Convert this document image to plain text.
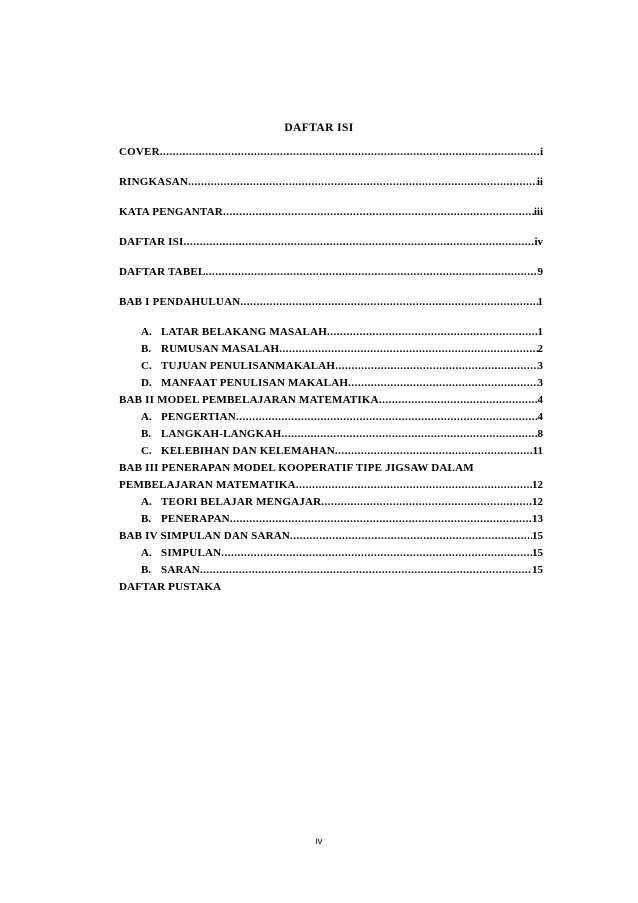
DAFTAR ISI
COVER .....	i
RINGKASAN .....	ii
KATA PENGANTAR .....	iii
DAFTAR ISI .....	iv
DAFTAR TABEL .....	9
BAB I PENDAHULUAN .....	1
A. LATAR BELAKANG MASALAH .....	1
B. RUMUSAN MASALAH .....	2
C. TUJUAN PENULISANMAKALAH .....	3
D. MANFAAT PENULISAN MAKALAH .....	3
BAB II MODEL PEMBELAJARAN MATEMATIKA .....	4
A. PENGERTIAN .....	4
B. LANGKAH-LANGKAH .....	8
C. KELEBIHAN DAN KELEMAHAN .....	11
BAB III PENERAPAN MODEL KOOPERATIF TIPE JIGSAW DALAM
PEMBELAJARAN MATEMATIKA .....	12
A. TEORI BELAJAR MENGAJAR .....	12
B. PENERAPAN .....	13
BAB IV SIMPULAN DAN SARAN .....	15
A. SIMPULAN .....	15
B. SARAN .....	15
DAFTAR PUSTAKA
iv
